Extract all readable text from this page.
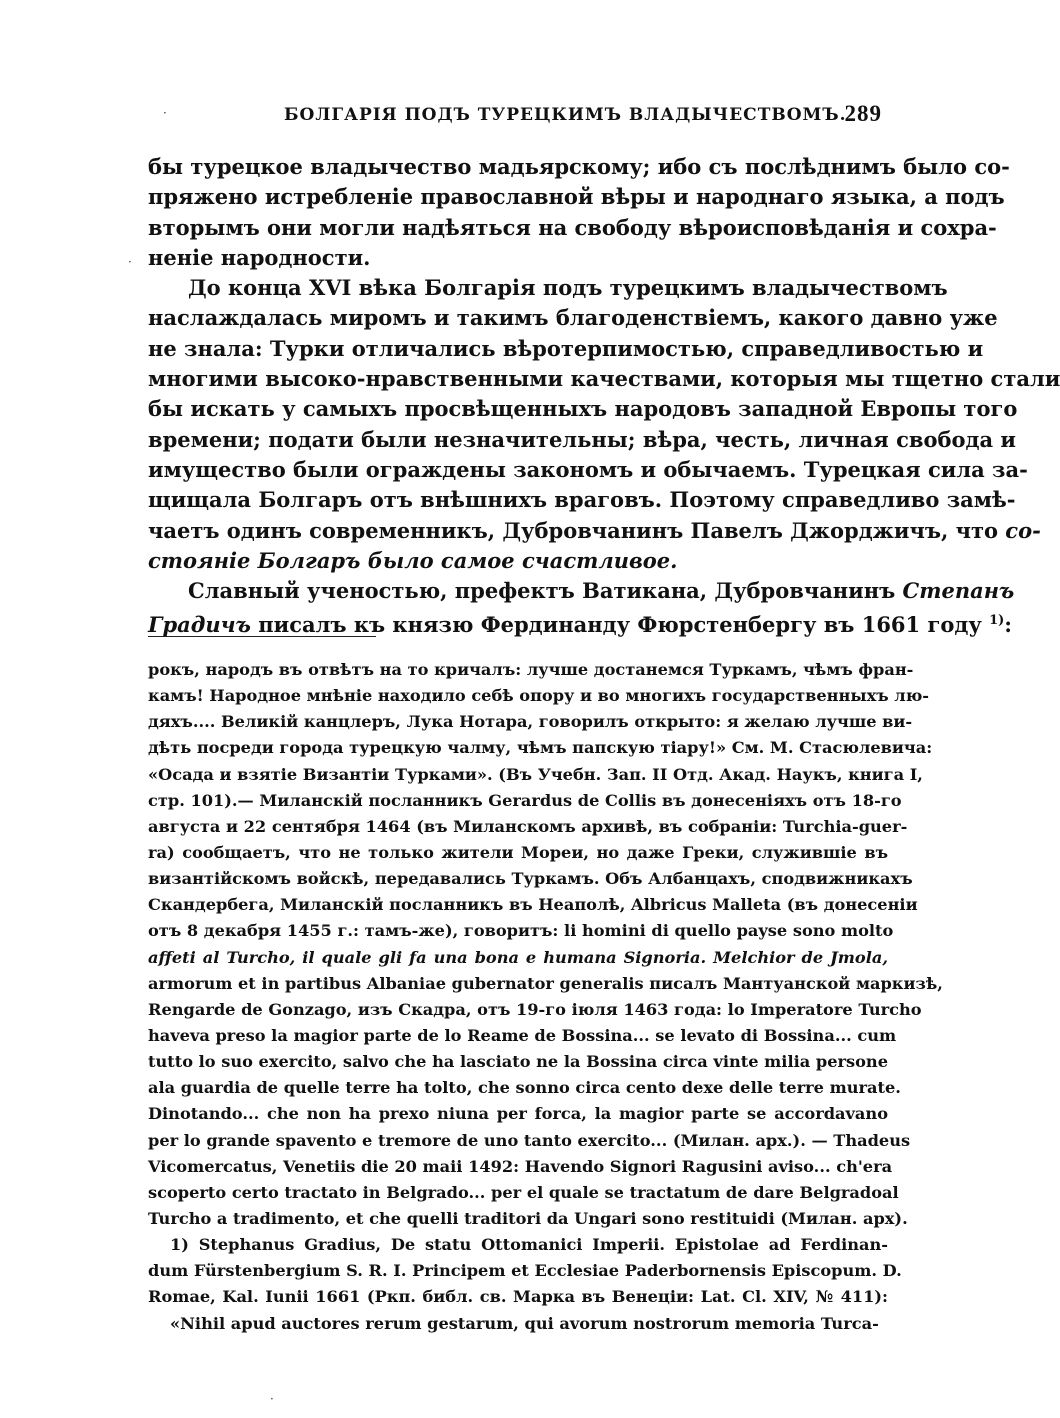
БОЛГАРІЯ ПОДЪ ТУРЕЦКИМЪ ВЛАДЫЧЕСТВОМЪ.
289
бы турецкое владычество мадьярскому; ибо съ послѣднимъ было со-
пряжено истребленіе православной вѣры и народнаго языка, а подъ
вторымъ они могли надѣяться на свободу вѣроисповѣданія и сохра-
неніе народности.
До конца XVI вѣка Болгарія подъ турецкимъ владычествомъ
наслаждалась миромъ и такимъ благоденствіемъ, какого давно уже
не знала: Турки отличались вѣротерпимостью, справедливостью и
многими высоко-нравственными качествами, которыя мы тщетно стали
бы искать у самыхъ просвѣщенныхъ народовъ западной Европы того
времени; подати были незначительны; вѣра, честь, личная свобода и
имущество были ограждены закономъ и обычаемъ. Турецкая сила за-
щищала Болгаръ отъ внѣшнихъ враговъ. Поэтому справедливо замѣ-
чаетъ одинъ современникъ, Дубровчанинъ Павелъ Джорджичъ, что со-
стояніе Болгаръ было самое счастливое.
Славный ученостью, префектъ Ватикана, Дубровчанинъ Степанъ
Градичъ писалъ къ князю Фердинанду Фюрстенбергу въ 1661 году $^{1)}$:
рокъ, народъ въ отвѣтъ на то кричалъ: лучше достанемся Туркамъ, чѣмъ фран-
камъ! Народное мнѣніе находило себѣ опору и во многихъ государственныхъ лю-
дяхъ.... Великій канцлеръ, Лука Нотара, говорилъ открыто: я желаю лучше ви-
дѣть посреди города турецкую чалму, чѣмъ папскую тіару!» См. М. Стасюлевича:
«Осада и взятіе Византіи Турками». (Въ Учебн. Зап. II Отд. Акад. Наукъ, книга I,
стр. 101).— Миланскій посланникъ Gerardus de Collis въ донесеніяхъ отъ 18-го
августа и 22 сентября 1464 (въ Миланскомъ архивѣ, въ собраніи: Turchia-guer-
ra) сообщаетъ, что не только жители Мореи, но даже Греки, служившіе въ
византійскомъ войскѣ, передавались Туркамъ. Объ Албанцахъ, сподвижникахъ
Скандербега, Миланскій посланникъ въ Неаполѣ, Albricus Malleta (въ донесеніи
отъ 8 декабря 1455 г.: тамъ-же), говоритъ: li homini di quello payse sono molto
affeti al Turcho, il quale gli fa una bona e humana Signoria. Melchior de Jmola,
armorum et in partibus Albaniae gubernator generalis писалъ Мантуанской маркизѣ,
Rengarde de Gonzago, изъ Скадра, отъ 19-го іюля 1463 года: lo Imperatore Turcho
haveva preso la magior parte de lo Reame de Bossina... se levato di Bossina... cum
tutto lo suo exercito, salvo che ha lasciato ne la Bossina circa vinte milia persone
ala guardia de quelle terre ha tolto, che sonno circa cento dexe delle terre murate.
Dinotando... che non ha prexo niuna per forca, la magior parte se accordavano
per lo grande spavento e tremore de uno tanto exercito... (Милан. арх.). — Thadeus
Vicomercatus, Venetiis die 20 maii 1492: Havendo Signori Ragusini aviso... ch'era
scoperto certo tractato in Belgrado... per el quale se tractatum de dare Belgradoal
Turcho a tradimento, et che quelli traditori da Ungari sono restituidi (Милан. арх).
1) Stephanus Gradius, De statu Ottomanici Imperii. Epistolae ad Ferdinan-
dum Fürstenbergium S. R. I. Principem et Ecclesiae Paderbornensis Episcopum. D.
Romae, Kal. Iunii 1661 (Ркп. библ. св. Марка въ Венеціи: Lat. Cl. XIV, № 411):
«Nihil apud auctores rerum gestarum, qui avorum nostrorum memoria Turca-
·
·
·
